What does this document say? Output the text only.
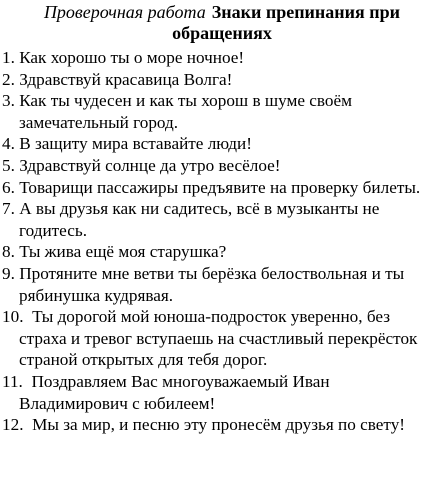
Проверочная работа Знаки препинания при
обращениях
1. Как хорошо ты о море ночное!
2. Здравствуй красавица Волга!
3. Как ты чудесен и как ты хорош в шуме своём замечательный город.
4. В защиту мира вставайте люди!
5. Здравствуй солнце да утро весёлое!
6. Товарищи пассажиры предъявите на проверку билеты.
7. А вы друзья как ни садитесь, всё в музыканты не годитесь.
8. Ты жива ещё моя старушка?
9. Протяните мне ветви ты берёзка белоствольная и ты рябинушка кудрявая.
10. Ты дорогой мой юноша-подросток уверенно, без страха и тревог вступаешь на счастливый перекрёсток страной открытых для тебя дорог.
11. Поздравляем Вас многоуважаемый Иван Владимирович с юбилеем!
12. Мы за мир, и песню эту пронесём друзья по свету!
